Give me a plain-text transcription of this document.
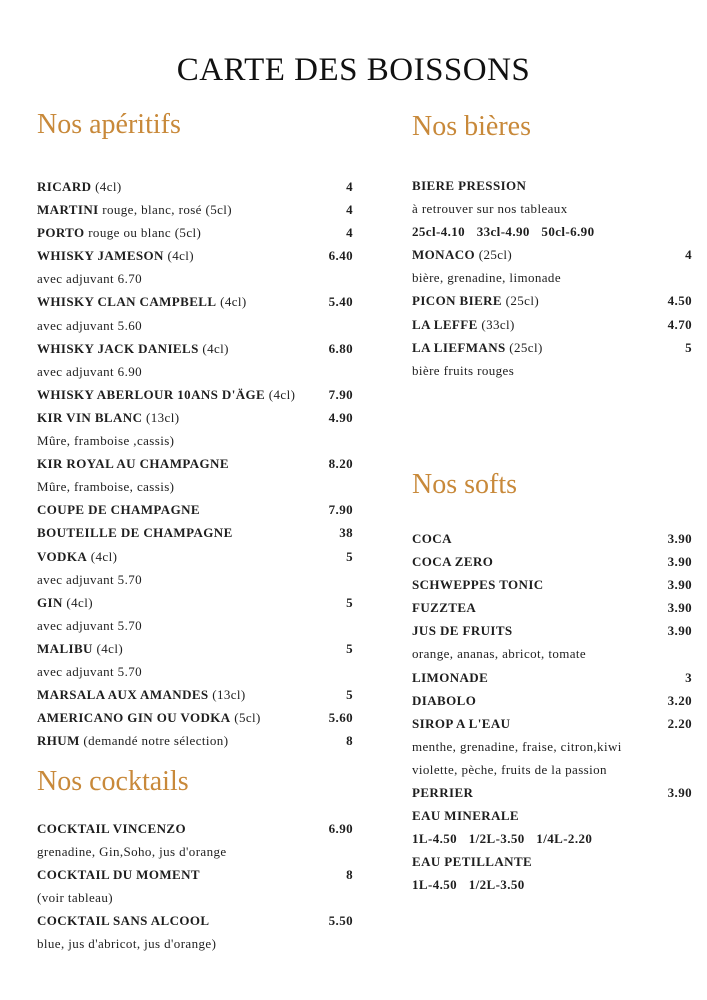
CARTE DES BOISSONS
Nos apéritifs
RICARD (4cl)	4
MARTINI rouge, blanc, rosé (5cl)	4
PORTO rouge ou blanc (5cl)	4
WHISKY JAMESON (4cl)	6.40
avec adjuvant 6.70
WHISKY CLAN CAMPBELL (4cl)	5.40
avec adjuvant 5.60
WHISKY JACK DANIELS (4cl)	6.80
avec adjuvant 6.90
WHISKY ABERLOUR 10ANS D'ÄGE (4cl)	7.90
KIR VIN BLANC (13cl)	4.90
Mûre, framboise ,cassis)
KIR ROYAL AU CHAMPAGNE	8.20
Mûre, framboise, cassis)
COUPE DE CHAMPAGNE	7.90
BOUTEILLE DE CHAMPAGNE	38
VODKA (4cl)	5
avec adjuvant 5.70
GIN (4cl)	5
avec adjuvant 5.70
MALIBU (4cl)	5
avec adjuvant 5.70
MARSALA AUX AMANDES (13cl)	5
AMERICANO GIN OU VODKA (5cl)	5.60
RHUM (demandé notre sélection)	8
Nos cocktails
COCKTAIL VINCENZO	6.90
grenadine, Gin,Soho, jus d'orange
COCKTAIL DU MOMENT	8
(voir tableau)
COCKTAIL SANS ALCOOL	5.50
blue, jus d'abricot, jus d'orange)
Nos bières
BIERE PRESSION
à retrouver sur nos tableaux
25cl-4.10 33cl-4.90 50cl-6.90
MONACO (25cl)	4
bière, grenadine, limonade
PICON BIERE (25cl)	4.50
LA LEFFE (33cl)	4.70
LA LIEFMANS (25cl)	5
bière fruits rouges
Nos softs
COCA	3.90
COCA ZERO	3.90
SCHWEPPES TONIC	3.90
FUZZTEA	3.90
JUS DE FRUITS	3.90
orange, ananas, abricot, tomate
LIMONADE	3
DIABOLO	3.20
SIROP A L'EAU	2.20
menthe, grenadine, fraise, citron,kiwi
violette, pèche, fruits de la passion
PERRIER	3.90
EAU MINERALE
1L-4.50 1/2L-3.50 1/4L-2.20
EAU PETILLANTE
1L-4.50 1/2L-3.50
